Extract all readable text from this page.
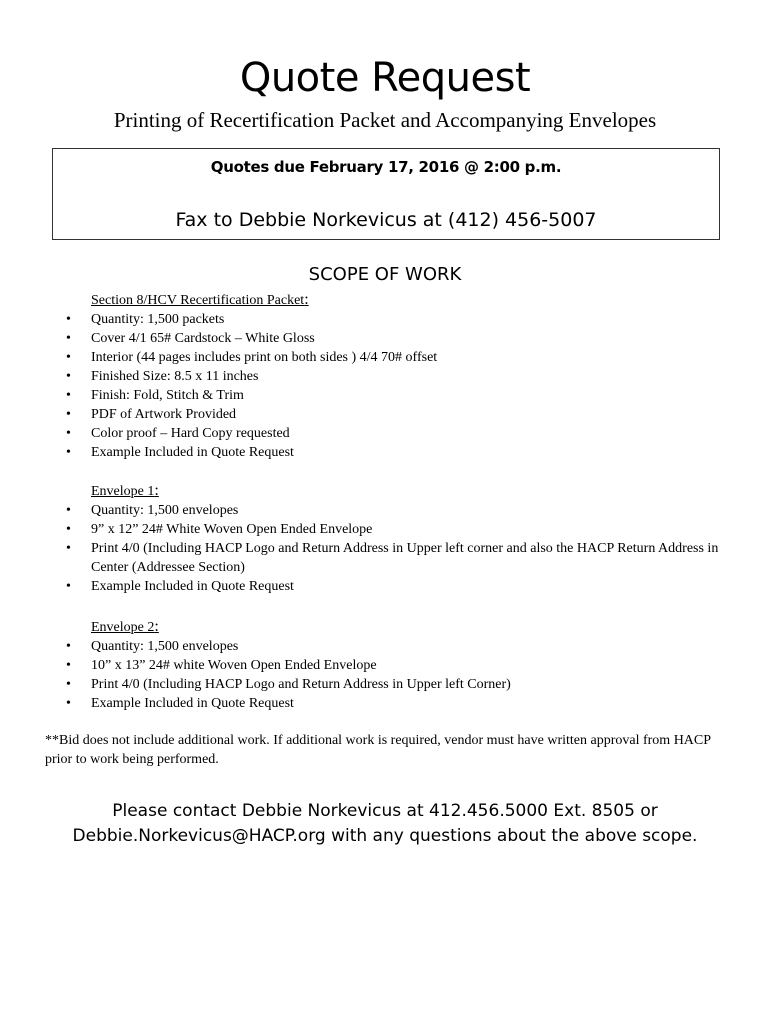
Quote Request
Printing of Recertification Packet and Accompanying Envelopes
Quotes due February 17, 2016 @ 2:00 p.m.
Fax to Debbie Norkevicus at (412) 456-5007
SCOPE OF WORK
Section 8/HCV Recertification Packet:
• Quantity: 1,500 packets
• Cover 4/1 65# Cardstock – White Gloss
• Interior (44 pages includes print on both sides ) 4/4 70# offset
• Finished Size: 8.5 x 11 inches
• Finish: Fold, Stitch & Trim
• PDF of Artwork Provided
• Color proof – Hard Copy requested
• Example Included in Quote Request
Envelope 1:
• Quantity: 1,500 envelopes
• 9” x 12” 24# White Woven Open Ended Envelope
• Print 4/0 (Including HACP Logo and Return Address in Upper left corner and also the HACP Return Address in Center (Addressee Section)
• Example Included in Quote Request
Envelope 2:
• Quantity: 1,500 envelopes
• 10” x 13” 24# white Woven Open Ended Envelope
• Print 4/0 (Including HACP Logo and Return Address in Upper left Corner)
• Example Included in Quote Request
**Bid does not include additional work. If additional work is required, vendor must have written approval from HACP prior to work being performed.
Please contact Debbie Norkevicus at 412.456.5000 Ext. 8505 or
Debbie.Norkevicus@HACP.org with any questions about the above scope.
